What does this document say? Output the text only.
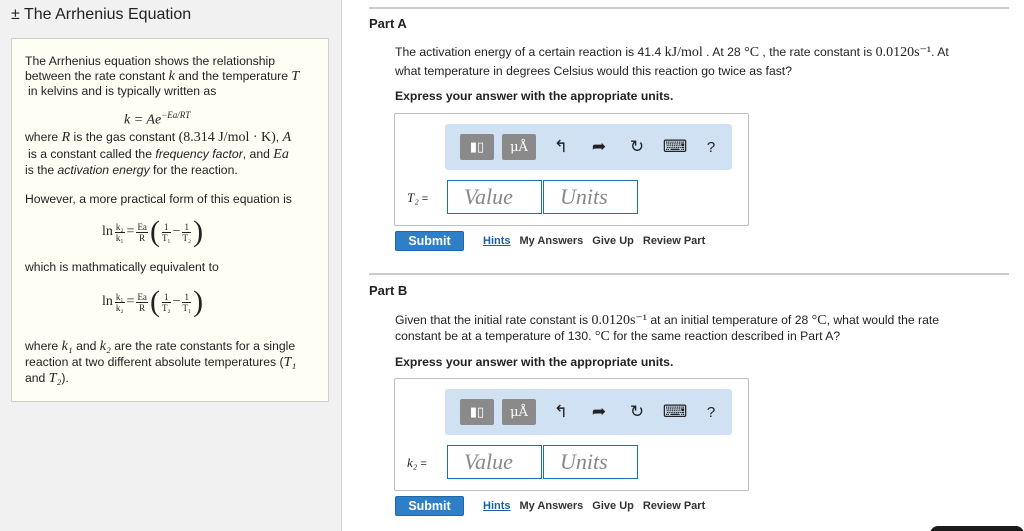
± The Arrhenius Equation
The Arrhenius equation shows the relationship
between the rate constant k and the temperature T
in kelvins and is typically written as
$k = Ae^{-Ea/RT}$
where R is the gas constant (8.314 J/mol · K), A
is a constant called the frequency factor, and Ea
is the activation energy for the reaction.
However, a more practical form of this equation is
$\ln \frac{\text{k₂}}{\text{k₁}} = \frac{Ea}{R}$ ( $\frac{1}{\text{T₁}} - \frac{1}{\text{T₂}}$ )
which is mathmatically equivalent to
$\ln \frac{\text{k₁}}{\text{k₂}} = \frac{Ea}{R}$ ( $\frac{1}{\text{T₂}} - \frac{1}{\text{T₁}}$ )
where k₁ and k₂ are the rate constants for a single
reaction at two different absolute temperatures (T₁
and T₂).
Part A
The activation energy of a certain reaction is 41.4 kJ/mol . At 28 °C , the rate constant is 0.0120s⁻¹. At
what temperature in degrees Celsius would this reaction go twice as fast?
Express your answer with the appropriate units.
▮▯ μÅ ↰ ➦ ↻ ⌨ ?
T₂ =	Value	Units
Submit	Hints My Answers Give Up Review Part
Part B
Given that the initial rate constant is 0.0120s⁻¹ at an initial temperature of 28 °C, what would the rate
constant be at a temperature of 130. °C for the same reaction described in Part A?
Express your answer with the appropriate units.
▮▯ μÅ ↰ ➦ ↻ ⌨ ?
k₂ =	Value	Units
Submit	Hints My Answers Give Up Review Part
